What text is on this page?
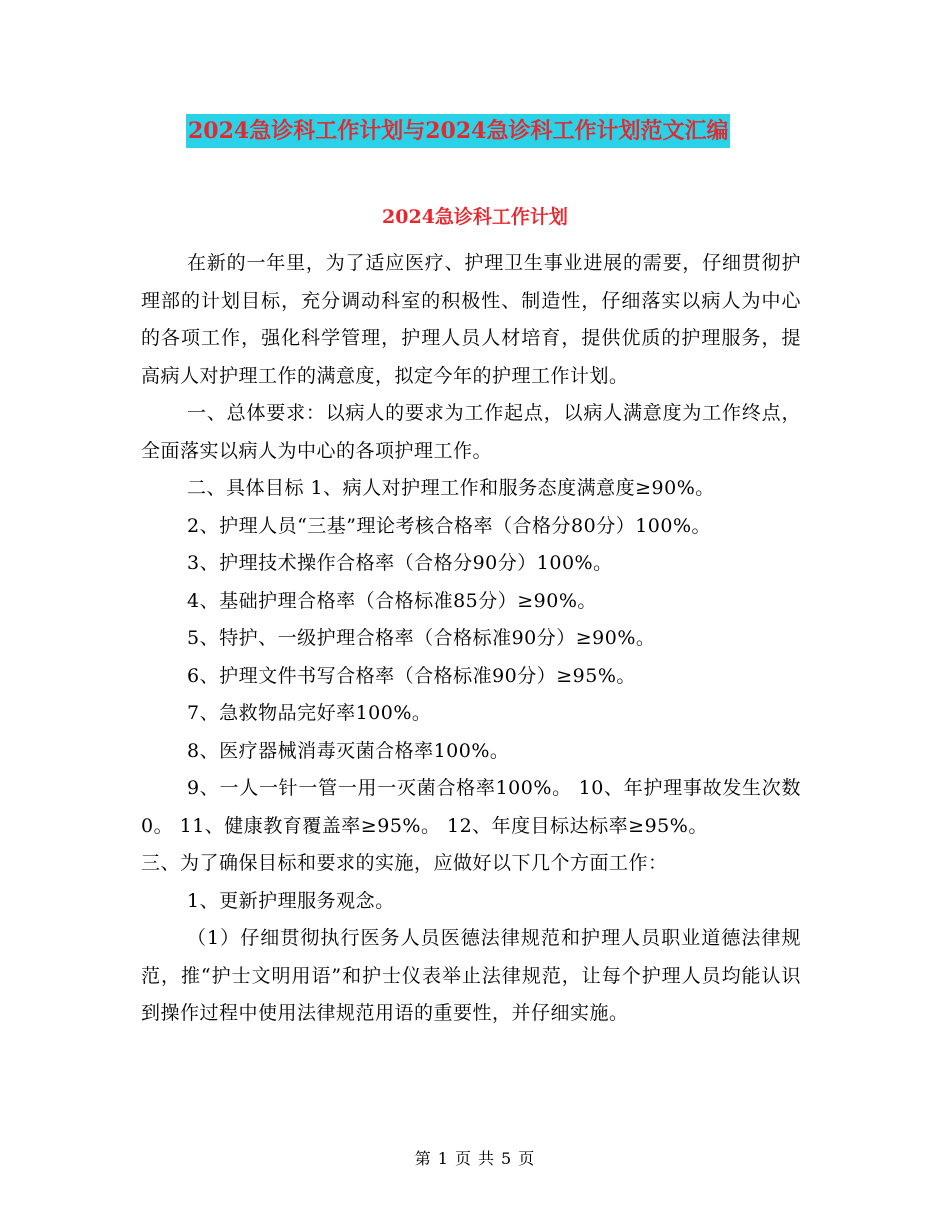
2024急诊科工作计划与2024急诊科工作计划范文汇编
2024急诊科工作计划

在新的一年里，为了适应医疗、护理卫生事业进展的需要，仔细贯彻护理部的计划目标，充分调动科室的积极性、制造性，仔细落实以病人为中心的各项工作，强化科学管理，护理人员人材培育，提供优质的护理服务，提高病人对护理工作的满意度，拟定今年的护理工作计划。

一、总体要求：以病人的要求为工作起点，以病人满意度为工作终点，全面落实以病人为中心的各项护理工作。

二、具体目标 1、病人对护理工作和服务态度满意度≥90%。

2、护理人员“三基”理论考核合格率（合格分80分）100%。

3、护理技术操作合格率（合格分90分）100%。

4、基础护理合格率（合格标准85分）≥90%。

5、特护、一级护理合格率（合格标准90分）≥90%。

6、护理文件书写合格率（合格标准90分）≥95%。

7、急救物品完好率100%。

8、医疗器械消毒灭菌合格率100%。

9、一人一针一管一用一灭菌合格率100%。 10、年护理事故发生次数0。 11、健康教育覆盖率≥95%。 12、年度目标达标率≥95%。

三、为了确保目标和要求的实施，应做好以下几个方面工作：

1、更新护理服务观念。

（1）仔细贯彻执行医务人员医德法律规范和护理人员职业道德法律规范，推“护士文明用语”和护士仪表举止法律规范，让每个护理人员均能认识到操作过程中使用法律规范用语的重要性，并仔细实施。

第 1 页 共 5 页
